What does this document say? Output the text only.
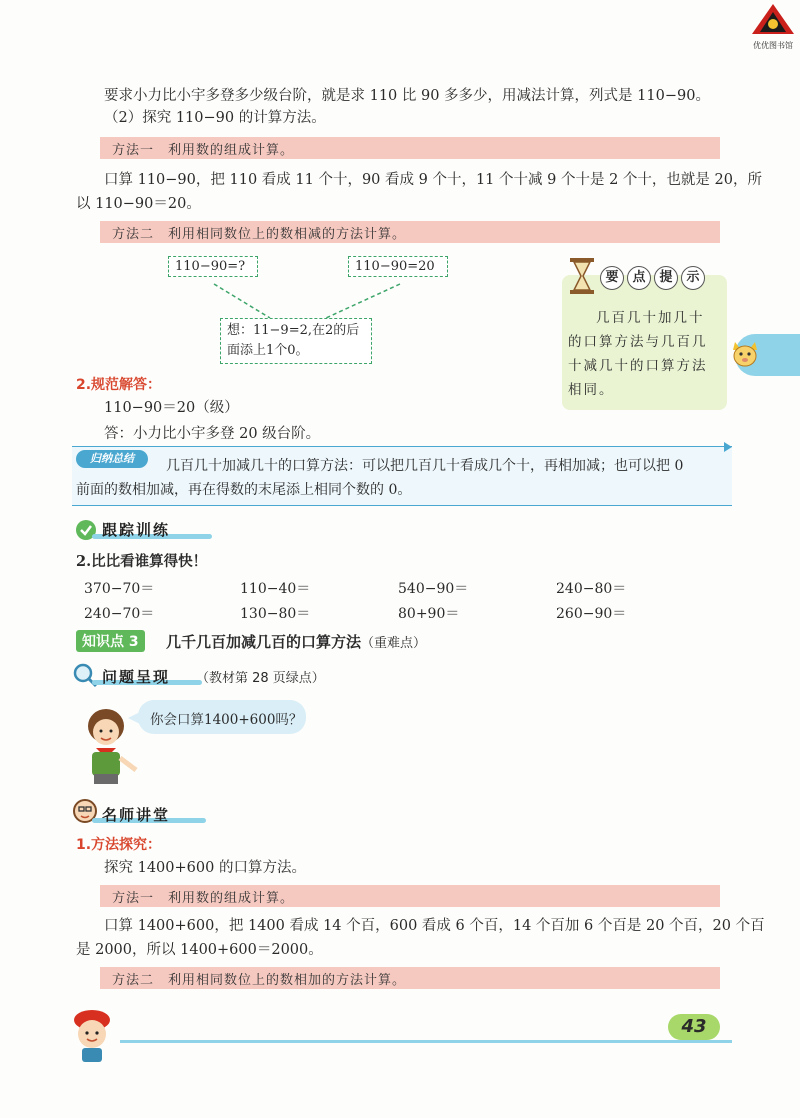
优优图书馆
要求小力比小宇多登多少级台阶，就是求 110 比 90 多多少，用减法计算，列式是 110−90。
（2）探究 110−90 的计算方法。
方法一　利用数的组成计算。
口算 110−90，把 110 看成 11 个十，90 看成 9 个十，11 个十减 9 个十是 2 个十，也就是 20，所
以 110−90＝20。
方法二　利用相同数位上的数相减的方法计算。
110−90=?	110−90=20
想：11−9=2,在2的后
面添上1个0。
要 点 提 示
几百几十加几十
的口算方法与几百几
十减几十的口算方法
相同。
2.规范解答：
110−90＝20（级）
答：小力比小宇多登 20 级台阶。
归纳总结	几百几十加减几十的口算方法：可以把几百几十看成几个十，再相加减；也可以把 0
前面的数相加减，再在得数的末尾添上相同个数的 0。
跟踪训练
2.比比看谁算得快！
370−70＝	110−40＝	540−90＝	240−80＝
240−70＝	130−80＝	80+90＝	260−90＝
知识点 3	几千几百加减几百的口算方法（重难点）
问题呈现 （教材第 28 页绿点）
你会口算1400+600吗？
名师讲堂
1.方法探究：
探究 1400+600 的口算方法。
方法一　利用数的组成计算。
口算 1400+600，把 1400 看成 14 个百，600 看成 6 个百，14 个百加 6 个百是 20 个百，20 个百
是 2000，所以 1400+600＝2000。
方法二　利用相同数位上的数相加的方法计算。
43
